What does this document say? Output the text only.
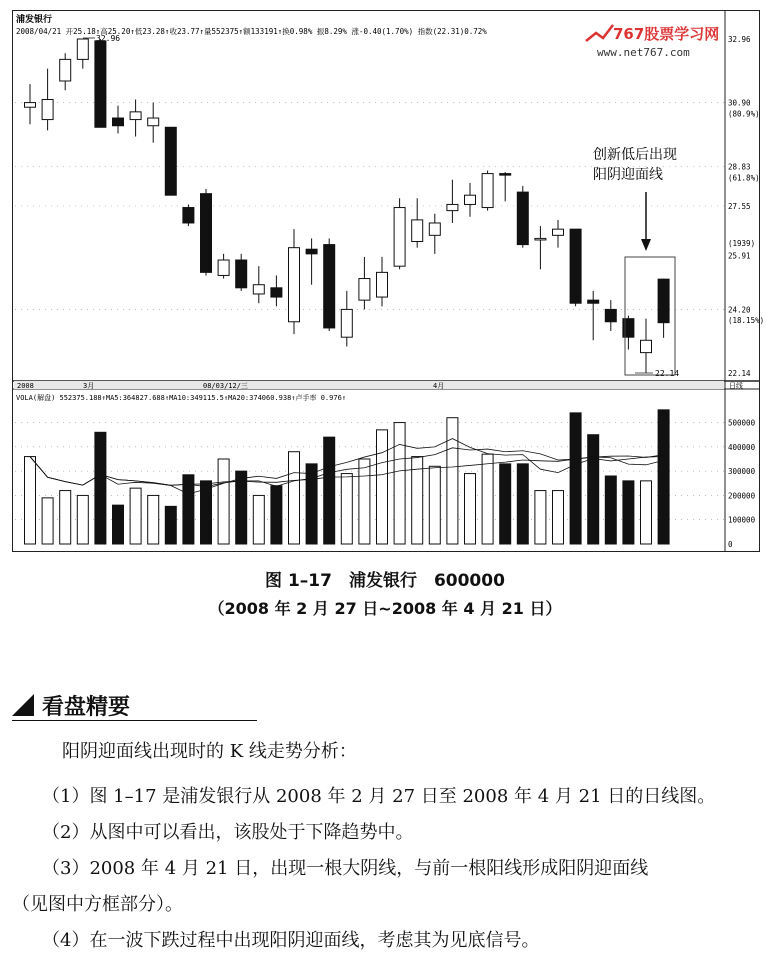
32.96
30.90
(80.9%)
28.83
(61.8%)
27.55
(1939)
25.91
24.20
(18.15%)
22.14
500000
400000
300000
200000
100000
0
浦发银行
2008/04/21 开25.18↑高25.20↑低23.28↑收23.77↑量552375↑额133191↑换0.98% 振8.29% 涨-0.40(1.70%) 指数(22.31)0.72%	767股票学习网
www.net767.com
32.96
22.14
创新低后出现阳阴迎面线
2008	3月	08/03/12/三	4月	日线
VOLA(解盘) 552375.188↑MA5:364827.688↑MA10:349115.5↑MA20:374060.938↑卢手率 0.976↑
图 1–17　浦发银行　600000
（2008 年 2 月 27 日~2008 年 4 月 21 日）
看盘精要
阳阴迎面线出现时的 K 线走势分析：
（1）图 1–17 是浦发银行从 2008 年 2 月 27 日至 2008 年 4 月 21 日的日线图。
（2）从图中可以看出，该股处于下降趋势中。
（3）2008 年 4 月 21 日，出现一根大阴线，与前一根阳线形成阳阴迎面线
（见图中方框部分）。
（4）在一波下跌过程中出现阳阴迎面线，考虑其为见底信号。
